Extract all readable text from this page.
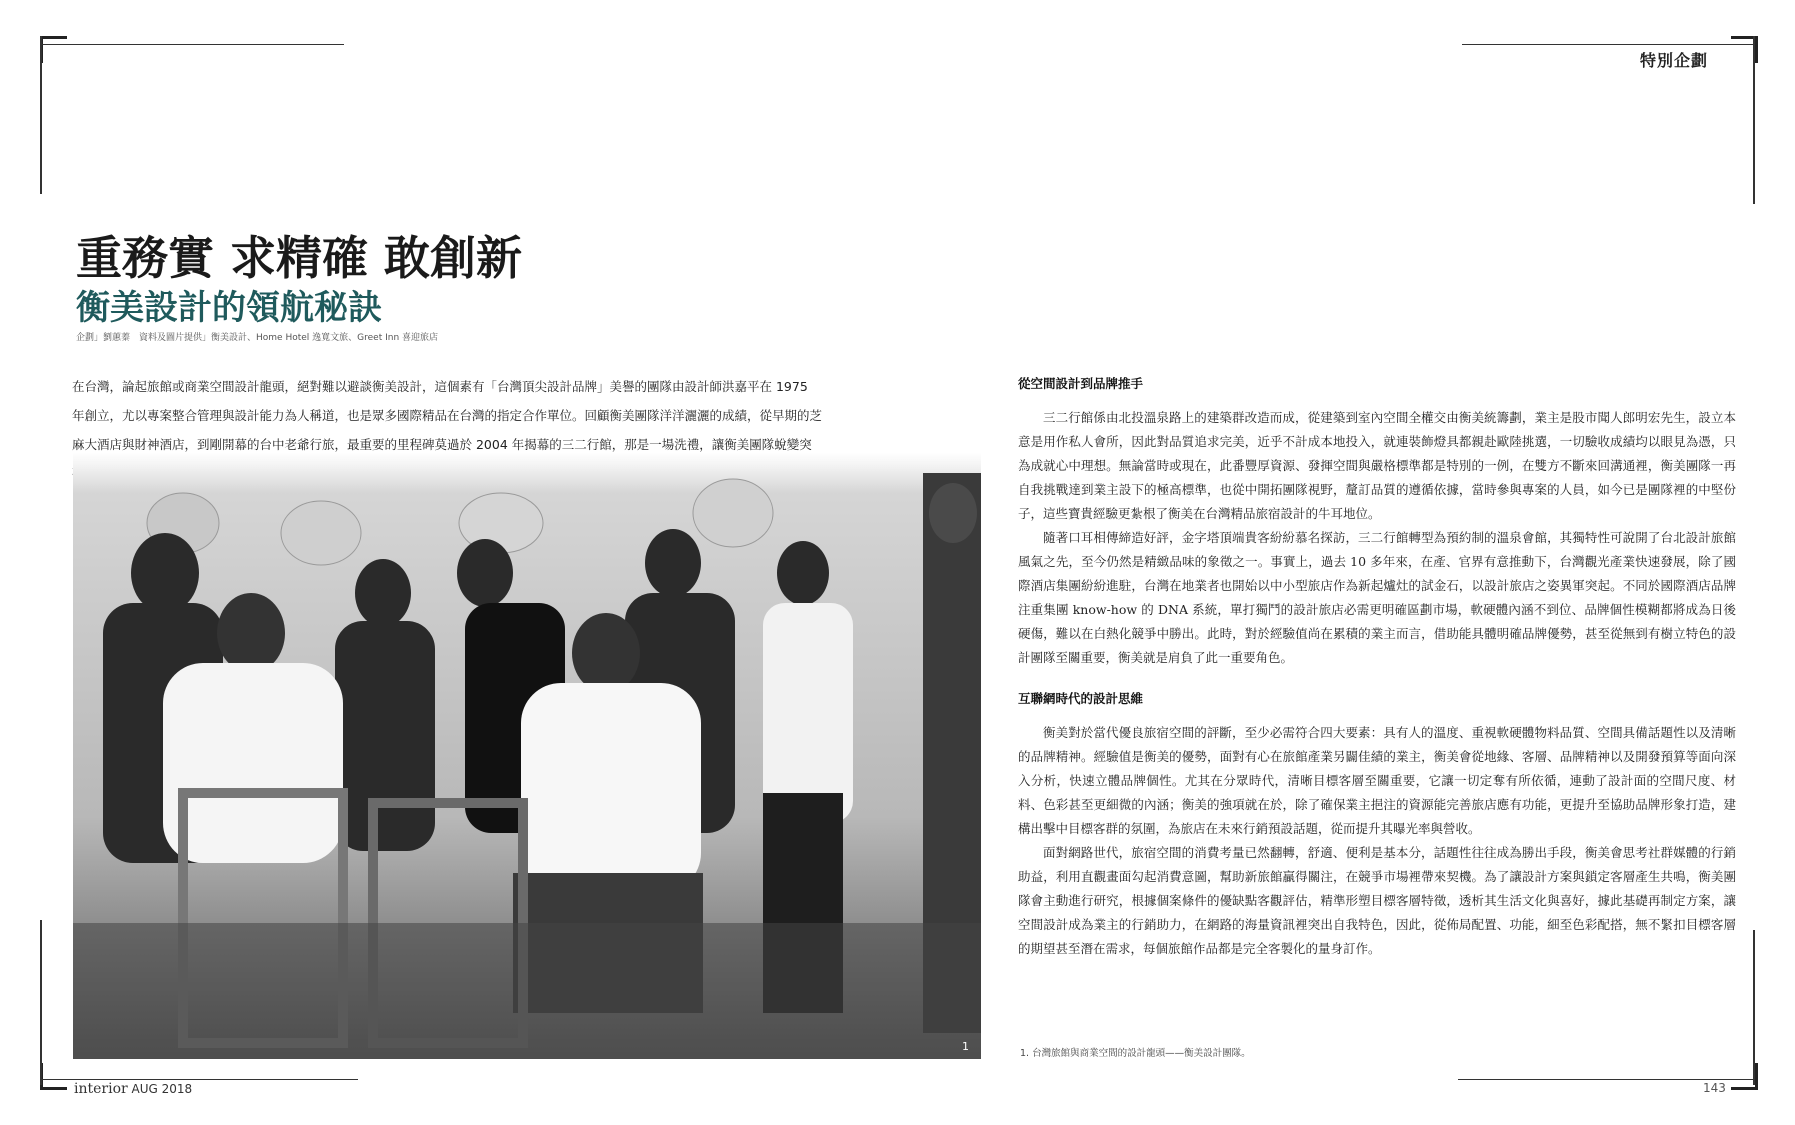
特別企劃
重務實 求精確 敢創新
衡美設計的領航秘訣
企劃」劉蕙蓁　資料及圖片提供」衡美設計、Home Hotel 逸寬文旅、Greet Inn 喜迎旅店
在台灣，論起旅館或商業空間設計龍頭，絕對難以避談衡美設計，這個素有「台灣頂尖設計品牌」美譽的團隊由設計師洪嘉平在 1975 年創立，尤以專案整合管理與設計能力為人稱道，也是眾多國際精品在台灣的指定合作單位。回顧衡美團隊洋洋灑灑的成績，從早期的芝麻大酒店與財神酒店，到剛開幕的台中老爺行旅，最重要的里程碑莫過於 2004 年揭幕的三二行館，那是一場洗禮，讓衡美團隊蛻變突
1
從空間設計到品牌推手

三二行館係由北投溫泉路上的建築群改造而成，從建築到室內空間全權交由衡美統籌劃，業主是股市聞人郎明宏先生，設立本意是用作私人會所，因此對品質追求完美，近乎不計成本地投入，就連裝飾燈具都親赴歐陸挑選，一切驗收成績均以眼見為憑，只為成就心中理想。無論當時或現在，此番豐厚資源、發揮空間與嚴格標準都是特別的一例，在雙方不斷來回溝通裡，衡美團隊一再自我挑戰達到業主設下的極高標準，也從中開拓團隊視野，釐訂品質的遵循依據，當時參與專案的人員，如今已是團隊裡的中堅份子，這些寶貴經驗更紮根了衡美在台灣精品旅宿設計的牛耳地位。

隨著口耳相傳締造好評，金字塔頂端貴客紛紛慕名探訪，三二行館轉型為預約制的溫泉會館，其獨特性可說開了台北設計旅館風氣之先，至今仍然是精緻品味的象徵之一。事實上，過去 10 多年來，在產、官界有意推動下，台灣觀光產業快速發展，除了國際酒店集團紛紛進駐，台灣在地業者也開始以中小型旅店作為新起爐灶的試金石，以設計旅店之姿異軍突起。不同於國際酒店品牌注重集團 know-how 的 DNA 系統，單打獨鬥的設計旅店必需更明確區劃市場，軟硬體內涵不到位、品牌個性模糊都將成為日後硬傷，難以在白熱化競爭中勝出。此時，對於經驗值尚在累積的業主而言，借助能具體明確品牌優勢，甚至從無到有樹立特色的設計團隊至關重要，衡美就是肩負了此一重要角色。

互聯網時代的設計思維

衡美對於當代優良旅宿空間的評斷，至少必需符合四大要素：具有人的溫度、重視軟硬體物料品質、空間具備話題性以及清晰的品牌精神。經驗值是衡美的優勢，面對有心在旅館產業另闢佳績的業主，衡美會從地緣、客層、品牌精神以及開發預算等面向深入分析，快速立體品牌個性。尤其在分眾時代，清晰目標客層至關重要，它讓一切定奪有所依循，連動了設計面的空間尺度、材料、色彩甚至更細微的內涵；衡美的強項就在於，除了確保業主挹注的資源能完善旅店應有功能，更提升至協助品牌形象打造，建構出擊中目標客群的氛圍，為旅店在未來行銷預設話題，從而提升其曝光率與營收。

面對網路世代，旅宿空間的消費考量已然翻轉，舒適、便利是基本分，話題性往往成為勝出手段，衡美會思考社群媒體的行銷助益，利用直觀畫面勾起消費意圖，幫助新旅館贏得關注，在競爭市場裡帶來契機。為了讓設計方案與鎖定客層產生共鳴，衡美團隊會主動進行研究，根據個案條件的優缺點客觀評估，精準形塑目標客層特徵，透析其生活文化與喜好，據此基礎再制定方案，讓空間設計成為業主的行銷助力，在網路的海量資訊裡突出自我特色，因此，從佈局配置、功能，細至色彩配搭，無不緊扣目標客層的期望甚至潛在需求，每個旅館作品都是完全客製化的量身訂作。

1. 台灣旅館與商業空間的設計龍頭——衡美設計團隊。
interior AUG 2018	143
